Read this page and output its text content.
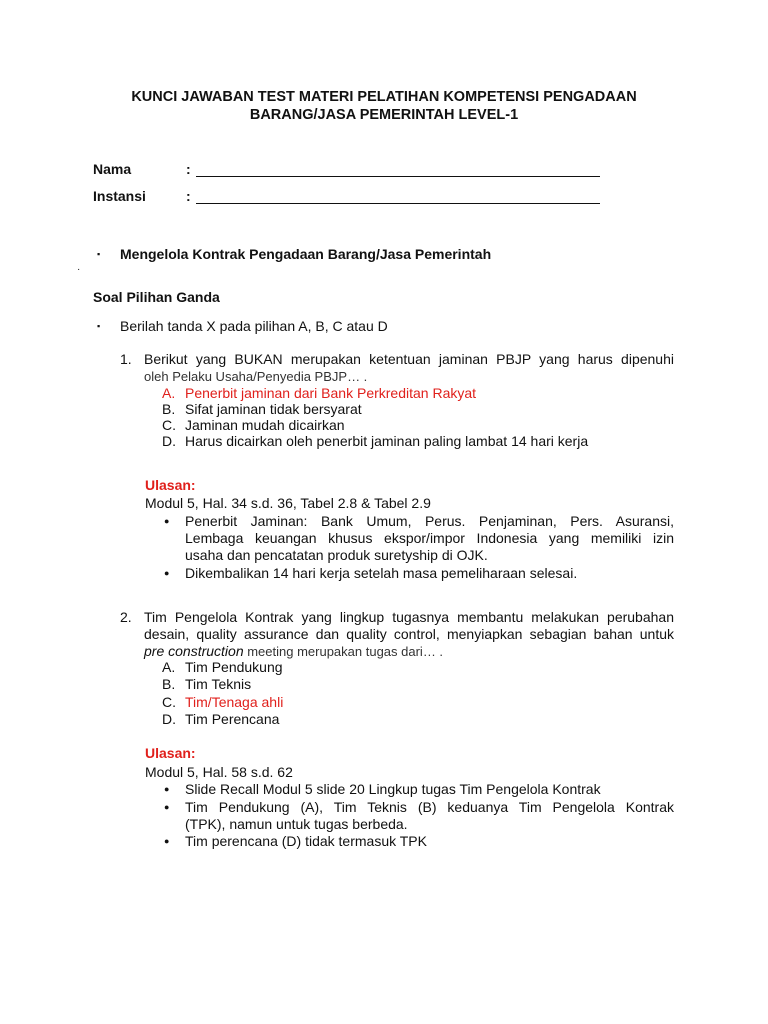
KUNCI JAWABAN TEST MATERI PELATIHAN KOMPETENSI PENGADAAN
BARANG/JASA PEMERINTAH LEVEL-1
Nama	:
Instansi	:
▪ Mengelola Kontrak Pengadaan Barang/Jasa Pemerintah
·
Soal Pilihan Ganda
▪ Berilah tanda X pada pilihan A, B, C atau D
1. Berikut yang BUKAN merupakan ketentuan jaminan PBJP yang harus dipenuhi
oleh Pelaku Usaha/Penyedia PBJP… .
A. Penerbit jaminan dari Bank Perkreditan Rakyat
B. Sifat jaminan tidak bersyarat
C. Jaminan mudah dicairkan
D. Harus dicairkan oleh penerbit jaminan paling lambat 14 hari kerja
Ulasan:
Modul 5, Hal. 34 s.d. 36, Tabel 2.8 & Tabel 2.9
● Penerbit Jaminan: Bank Umum, Perus. Penjaminan, Pers. Asuransi,
Lembaga keuangan khusus ekspor/impor Indonesia yang memiliki izin
usaha dan pencatatan produk suretyship di OJK.
● Dikembalikan 14 hari kerja setelah masa pemeliharaan selesai.
2. Tim Pengelola Kontrak yang lingkup tugasnya membantu melakukan perubahan
desain, quality assurance dan quality control, menyiapkan sebagian bahan untuk
pre construction meeting merupakan tugas dari… .
A. Tim Pendukung
B. Tim Teknis
C. Tim/Tenaga ahli
D. Tim Perencana
Ulasan:
Modul 5, Hal. 58 s.d. 62
● Slide Recall Modul 5 slide 20 Lingkup tugas Tim Pengelola Kontrak
● Tim Pendukung (A), Tim Teknis (B) keduanya Tim Pengelola Kontrak
(TPK), namun untuk tugas berbeda.
● Tim perencana (D) tidak termasuk TPK
